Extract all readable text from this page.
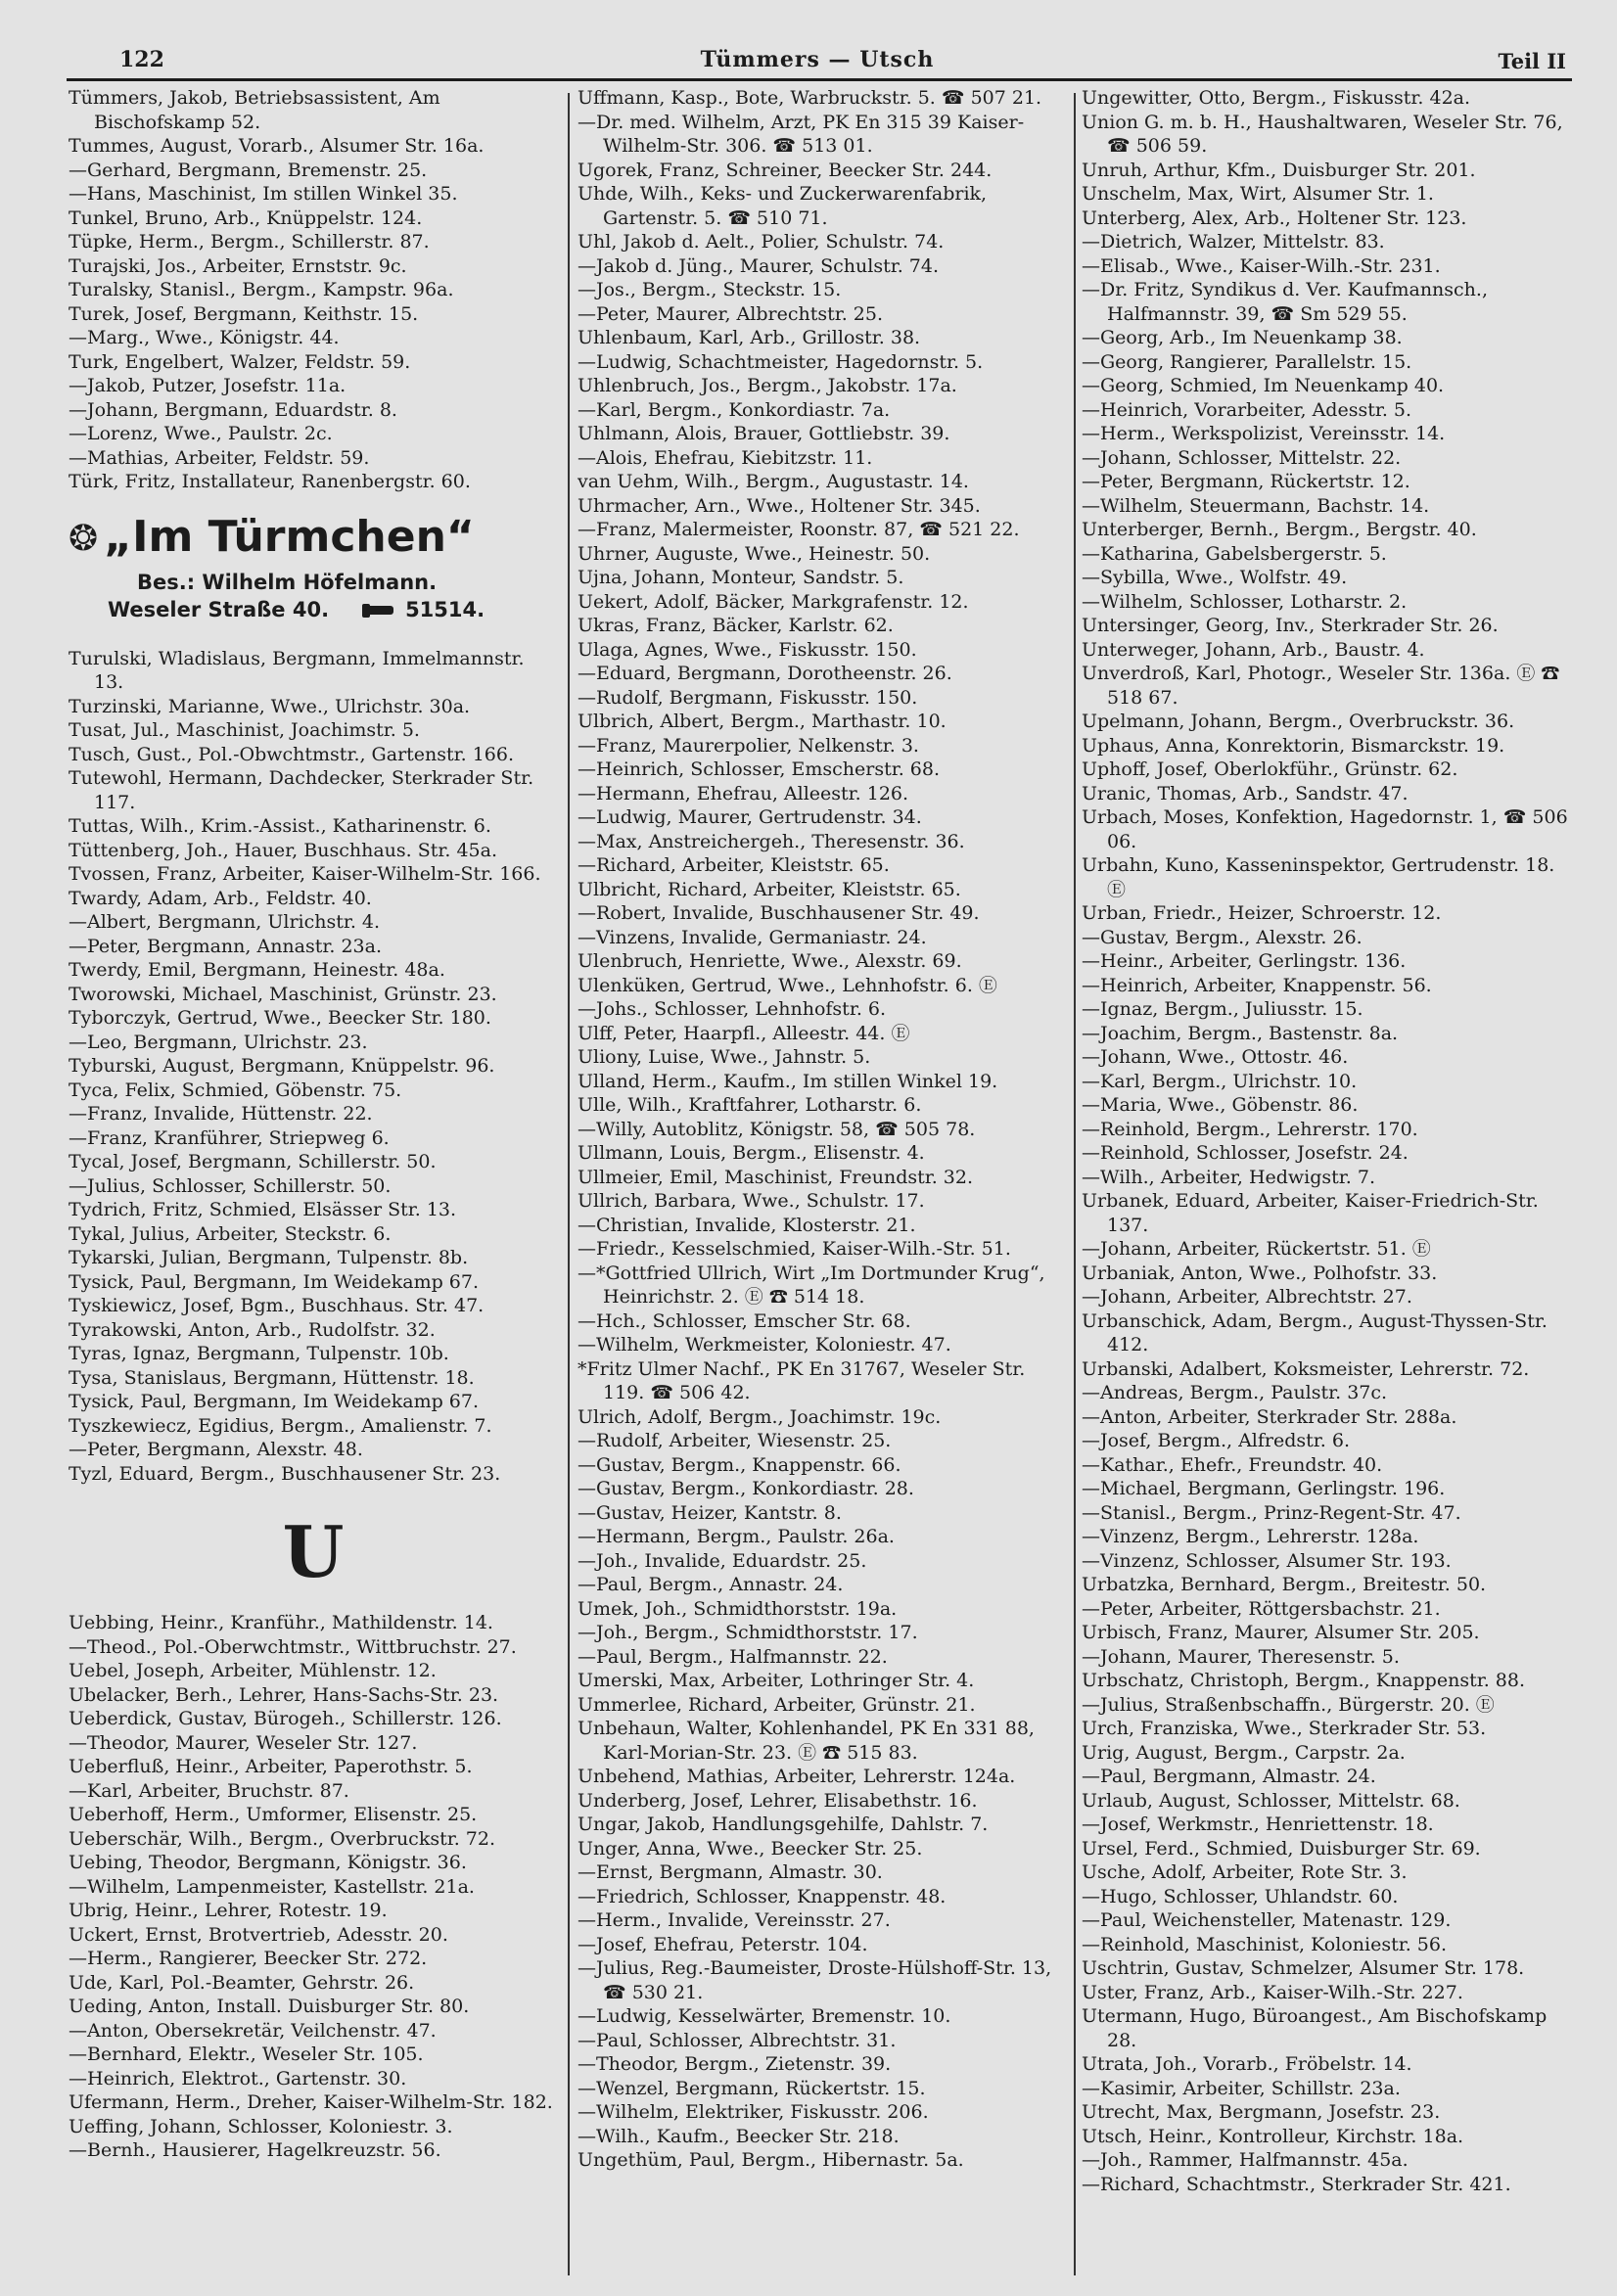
122	Tümmers — Utsch	Teil II
Tümmers, Jakob, Betriebsassistent, Am Bischofskamp 52.
Tummes, August, Vorarb., Alsumer Str. 16a.
—Gerhard, Bergmann, Bremenstr. 25.
—Hans, Maschinist, Im stillen Winkel 35.
Tunkel, Bruno, Arb., Knüppelstr. 124.
Tüpke, Herm., Bergm., Schillerstr. 87.
Turajski, Jos., Arbeiter, Ernststr. 9c.
Turalsky, Stanisl., Bergm., Kampstr. 96a.
Turek, Josef, Bergmann, Keithstr. 15.
—Marg., Wwe., Königstr. 44.
Turk, Engelbert, Walzer, Feldstr. 59.
—Jakob, Putzer, Josefstr. 11a.
—Johann, Bergmann, Eduardstr. 8.
—Lorenz, Wwe., Paulstr. 2c.
—Mathias, Arbeiter, Feldstr. 59.
Türk, Fritz, Installateur, Ranenbergstr. 60.
❂ „Im Türmchen“
Bes.: Wilhelm Höfelmann.
Weseler Straße 40.	51514.
Turulski, Wladislaus, Bergmann, Immelmannstr. 13.
Turzinski, Marianne, Wwe., Ulrichstr. 30a.
Tusat, Jul., Maschinist, Joachimstr. 5.
Tusch, Gust., Pol.-Obwchtmstr., Gartenstr. 166.
Tutewohl, Hermann, Dachdecker, Sterkrader Str. 117.
Tuttas, Wilh., Krim.-Assist., Katharinenstr. 6.
Tüttenberg, Joh., Hauer, Buschhaus. Str. 45a.
Tvossen, Franz, Arbeiter, Kaiser-Wilhelm-Str. 166.
Twardy, Adam, Arb., Feldstr. 40.
—Albert, Bergmann, Ulrichstr. 4.
—Peter, Bergmann, Annastr. 23a.
Twerdy, Emil, Bergmann, Heinestr. 48a.
Tworowski, Michael, Maschinist, Grünstr. 23.
Tyborczyk, Gertrud, Wwe., Beecker Str. 180.
—Leo, Bergmann, Ulrichstr. 23.
Tyburski, August, Bergmann, Knüppelstr. 96.
Tyca, Felix, Schmied, Göbenstr. 75.
—Franz, Invalide, Hüttenstr. 22.
—Franz, Kranführer, Striepweg 6.
Tycal, Josef, Bergmann, Schillerstr. 50.
—Julius, Schlosser, Schillerstr. 50.
Tydrich, Fritz, Schmied, Elsässer Str. 13.
Tykal, Julius, Arbeiter, Steckstr. 6.
Tykarski, Julian, Bergmann, Tulpenstr. 8b.
Tysick, Paul, Bergmann, Im Weidekamp 67.
Tyskiewicz, Josef, Bgm., Buschhaus. Str. 47.
Tyrakowski, Anton, Arb., Rudolfstr. 32.
Tyras, Ignaz, Bergmann, Tulpenstr. 10b.
Tysa, Stanislaus, Bergmann, Hüttenstr. 18.
Tysick, Paul, Bergmann, Im Weidekamp 67.
Tyszkewiecz, Egidius, Bergm., Amalienstr. 7.
—Peter, Bergmann, Alexstr. 48.
Tyzl, Eduard, Bergm., Buschhausener Str. 23.
U
Uebbing, Heinr., Kranführ., Mathildenstr. 14.
—Theod., Pol.-Oberwchtmstr., Wittbruchstr. 27.
Uebel, Joseph, Arbeiter, Mühlenstr. 12.
Ubelacker, Berh., Lehrer, Hans-Sachs-Str. 23.
Ueberdick, Gustav, Bürogeh., Schillerstr. 126.
—Theodor, Maurer, Weseler Str. 127.
Ueberfluß, Heinr., Arbeiter, Paperothstr. 5.
—Karl, Arbeiter, Bruchstr. 87.
Ueberhoff, Herm., Umformer, Elisenstr. 25.
Ueberschär, Wilh., Bergm., Overbruckstr. 72.
Uebing, Theodor, Bergmann, Königstr. 36.
—Wilhelm, Lampenmeister, Kastellstr. 21a.
Ubrig, Heinr., Lehrer, Rotestr. 19.
Uckert, Ernst, Brotvertrieb, Adesstr. 20.
—Herm., Rangierer, Beecker Str. 272.
Ude, Karl, Pol.-Beamter, Gehrstr. 26.
Ueding, Anton, Install. Duisburger Str. 80.
—Anton, Obersekretär, Veilchenstr. 47.
—Bernhard, Elektr., Weseler Str. 105.
—Heinrich, Elektrot., Gartenstr. 30.
Ufermann, Herm., Dreher, Kaiser-Wilhelm-Str. 182.
Ueffing, Johann, Schlosser, Koloniestr. 3.
—Bernh., Hausierer, Hagelkreuzstr. 56.
Uffmann, Kasp., Bote, Warbruckstr. 5. ☎ 507 21.
—Dr. med. Wilhelm, Arzt, PK En 315 39 Kaiser-Wilhelm-Str. 306. ☎ 513 01.
Ugorek, Franz, Schreiner, Beecker Str. 244.
Uhde, Wilh., Keks- und Zuckerwarenfabrik, Gartenstr. 5. ☎ 510 71.
Uhl, Jakob d. Aelt., Polier, Schulstr. 74.
—Jakob d. Jüng., Maurer, Schulstr. 74.
—Jos., Bergm., Steckstr. 15.
—Peter, Maurer, Albrechtstr. 25.
Uhlenbaum, Karl, Arb., Grillostr. 38.
—Ludwig, Schachtmeister, Hagedornstr. 5.
Uhlenbruch, Jos., Bergm., Jakobstr. 17a.
—Karl, Bergm., Konkordiastr. 7a.
Uhlmann, Alois, Brauer, Gottliebstr. 39.
—Alois, Ehefrau, Kiebitzstr. 11.
van Uehm, Wilh., Bergm., Augustastr. 14.
Uhrmacher, Arn., Wwe., Holtener Str. 345.
—Franz, Malermeister, Roonstr. 87, ☎ 521 22.
Uhrner, Auguste, Wwe., Heinestr. 50.
Ujna, Johann, Monteur, Sandstr. 5.
Uekert, Adolf, Bäcker, Markgrafenstr. 12.
Ukras, Franz, Bäcker, Karlstr. 62.
Ulaga, Agnes, Wwe., Fiskusstr. 150.
—Eduard, Bergmann, Dorotheenstr. 26.
—Rudolf, Bergmann, Fiskusstr. 150.
Ulbrich, Albert, Bergm., Marthastr. 10.
—Franz, Maurerpolier, Nelkenstr. 3.
—Heinrich, Schlosser, Emscherstr. 68.
—Hermann, Ehefrau, Alleestr. 126.
—Ludwig, Maurer, Gertrudenstr. 34.
—Max, Anstreichergeh., Theresenstr. 36.
—Richard, Arbeiter, Kleiststr. 65.
Ulbricht, Richard, Arbeiter, Kleiststr. 65.
—Robert, Invalide, Buschhausener Str. 49.
—Vinzens, Invalide, Germaniastr. 24.
Ulenbruch, Henriette, Wwe., Alexstr. 69.
Ulenküken, Gertrud, Wwe., Lehnhofstr. 6. Ⓔ
—Johs., Schlosser, Lehnhofstr. 6.
Ulff, Peter, Haarpfl., Alleestr. 44. Ⓔ
Uliony, Luise, Wwe., Jahnstr. 5.
Ulland, Herm., Kaufm., Im stillen Winkel 19.
Ulle, Wilh., Kraftfahrer, Lotharstr. 6.
—Willy, Autoblitz, Königstr. 58, ☎ 505 78.
Ullmann, Louis, Bergm., Elisenstr. 4.
Ullmeier, Emil, Maschinist, Freundstr. 32.
Ullrich, Barbara, Wwe., Schulstr. 17.
—Christian, Invalide, Klosterstr. 21.
—Friedr., Kesselschmied, Kaiser-Wilh.-Str. 51.
—*Gottfried Ullrich, Wirt „Im Dortmunder Krug“, Heinrichstr. 2. Ⓔ ☎ 514 18.
—Hch., Schlosser, Emscher Str. 68.
—Wilhelm, Werkmeister, Koloniestr. 47.
*Fritz Ulmer Nachf., PK En 31767, Weseler Str. 119. ☎ 506 42.
Ulrich, Adolf, Bergm., Joachimstr. 19c.
—Rudolf, Arbeiter, Wiesenstr. 25.
—Gustav, Bergm., Knappenstr. 66.
—Gustav, Bergm., Konkordiastr. 28.
—Gustav, Heizer, Kantstr. 8.
—Hermann, Bergm., Paulstr. 26a.
—Joh., Invalide, Eduardstr. 25.
—Paul, Bergm., Annastr. 24.
Umek, Joh., Schmidthorststr. 19a.
—Joh., Bergm., Schmidthorststr. 17.
—Paul, Bergm., Halfmannstr. 22.
Umerski, Max, Arbeiter, Lothringer Str. 4.
Ummerlee, Richard, Arbeiter, Grünstr. 21.
Unbehaun, Walter, Kohlenhandel, PK En 331 88, Karl-Morian-Str. 23. Ⓔ ☎ 515 83.
Unbehend, Mathias, Arbeiter, Lehrerstr. 124a.
Underberg, Josef, Lehrer, Elisabethstr. 16.
Ungar, Jakob, Handlungsgehilfe, Dahlstr. 7.
Unger, Anna, Wwe., Beecker Str. 25.
—Ernst, Bergmann, Almastr. 30.
—Friedrich, Schlosser, Knappenstr. 48.
—Herm., Invalide, Vereinsstr. 27.
—Josef, Ehefrau, Peterstr. 104.
—Julius, Reg.-Baumeister, Droste-Hülshoff-Str. 13, ☎ 530 21.
—Ludwig, Kesselwärter, Bremenstr. 10.
—Paul, Schlosser, Albrechtstr. 31.
—Theodor, Bergm., Zietenstr. 39.
—Wenzel, Bergmann, Rückertstr. 15.
—Wilhelm, Elektriker, Fiskusstr. 206.
—Wilh., Kaufm., Beecker Str. 218.
Ungethüm, Paul, Bergm., Hibernastr. 5a.
Ungewitter, Otto, Bergm., Fiskusstr. 42a.
Union G. m. b. H., Haushaltwaren, Weseler Str. 76, ☎ 506 59.
Unruh, Arthur, Kfm., Duisburger Str. 201.
Unschelm, Max, Wirt, Alsumer Str. 1.
Unterberg, Alex, Arb., Holtener Str. 123.
—Dietrich, Walzer, Mittelstr. 83.
—Elisab., Wwe., Kaiser-Wilh.-Str. 231.
—Dr. Fritz, Syndikus d. Ver. Kaufmannsch., Halfmannstr. 39, ☎ Sm 529 55.
—Georg, Arb., Im Neuenkamp 38.
—Georg, Rangierer, Parallelstr. 15.
—Georg, Schmied, Im Neuenkamp 40.
—Heinrich, Vorarbeiter, Adesstr. 5.
—Herm., Werkspolizist, Vereinsstr. 14.
—Johann, Schlosser, Mittelstr. 22.
—Peter, Bergmann, Rückertstr. 12.
—Wilhelm, Steuermann, Bachstr. 14.
Unterberger, Bernh., Bergm., Bergstr. 40.
—Katharina, Gabelsbergerstr. 5.
—Sybilla, Wwe., Wolfstr. 49.
—Wilhelm, Schlosser, Lotharstr. 2.
Untersinger, Georg, Inv., Sterkrader Str. 26.
Unterweger, Johann, Arb., Baustr. 4.
Unverdroß, Karl, Photogr., Weseler Str. 136a. Ⓔ ☎ 518 67.
Upelmann, Johann, Bergm., Overbruckstr. 36.
Uphaus, Anna, Konrektorin, Bismarckstr. 19.
Uphoff, Josef, Oberlokführ., Grünstr. 62.
Uranic, Thomas, Arb., Sandstr. 47.
Urbach, Moses, Konfektion, Hagedornstr. 1, ☎ 506 06.
Urbahn, Kuno, Kasseninspektor, Gertrudenstr. 18. Ⓔ
Urban, Friedr., Heizer, Schroerstr. 12.
—Gustav, Bergm., Alexstr. 26.
—Heinr., Arbeiter, Gerlingstr. 136.
—Heinrich, Arbeiter, Knappenstr. 56.
—Ignaz, Bergm., Juliusstr. 15.
—Joachim, Bergm., Bastenstr. 8a.
—Johann, Wwe., Ottostr. 46.
—Karl, Bergm., Ulrichstr. 10.
—Maria, Wwe., Göbenstr. 86.
—Reinhold, Bergm., Lehrerstr. 170.
—Reinhold, Schlosser, Josefstr. 24.
—Wilh., Arbeiter, Hedwigstr. 7.
Urbanek, Eduard, Arbeiter, Kaiser-Friedrich-Str. 137.
—Johann, Arbeiter, Rückertstr. 51. Ⓔ
Urbaniak, Anton, Wwe., Polhofstr. 33.
—Johann, Arbeiter, Albrechtstr. 27.
Urbanschick, Adam, Bergm., August-Thyssen-Str. 412.
Urbanski, Adalbert, Koksmeister, Lehrerstr. 72.
—Andreas, Bergm., Paulstr. 37c.
—Anton, Arbeiter, Sterkrader Str. 288a.
—Josef, Bergm., Alfredstr. 6.
—Kathar., Ehefr., Freundstr. 40.
—Michael, Bergmann, Gerlingstr. 196.
—Stanisl., Bergm., Prinz-Regent-Str. 47.
—Vinzenz, Bergm., Lehrerstr. 128a.
—Vinzenz, Schlosser, Alsumer Str. 193.
Urbatzka, Bernhard, Bergm., Breitestr. 50.
—Peter, Arbeiter, Röttgersbachstr. 21.
Urbisch, Franz, Maurer, Alsumer Str. 205.
—Johann, Maurer, Theresenstr. 5.
Urbschatz, Christoph, Bergm., Knappenstr. 88.
—Julius, Straßenbschaffn., Bürgerstr. 20. Ⓔ
Urch, Franziska, Wwe., Sterkrader Str. 53.
Urig, August, Bergm., Carpstr. 2a.
—Paul, Bergmann, Almastr. 24.
Urlaub, August, Schlosser, Mittelstr. 68.
—Josef, Werkmstr., Henriettenstr. 18.
Ursel, Ferd., Schmied, Duisburger Str. 69.
Usche, Adolf, Arbeiter, Rote Str. 3.
—Hugo, Schlosser, Uhlandstr. 60.
—Paul, Weichensteller, Matenastr. 129.
—Reinhold, Maschinist, Koloniestr. 56.
Uschtrin, Gustav, Schmelzer, Alsumer Str. 178.
Uster, Franz, Arb., Kaiser-Wilh.-Str. 227.
Utermann, Hugo, Büroangest., Am Bischofskamp 28.
Utrata, Joh., Vorarb., Fröbelstr. 14.
—Kasimir, Arbeiter, Schillstr. 23a.
Utrecht, Max, Bergmann, Josefstr. 23.
Utsch, Heinr., Kontrolleur, Kirchstr. 18a.
—Joh., Rammer, Halfmannstr. 45a.
—Richard, Schachtmstr., Sterkrader Str. 421.
